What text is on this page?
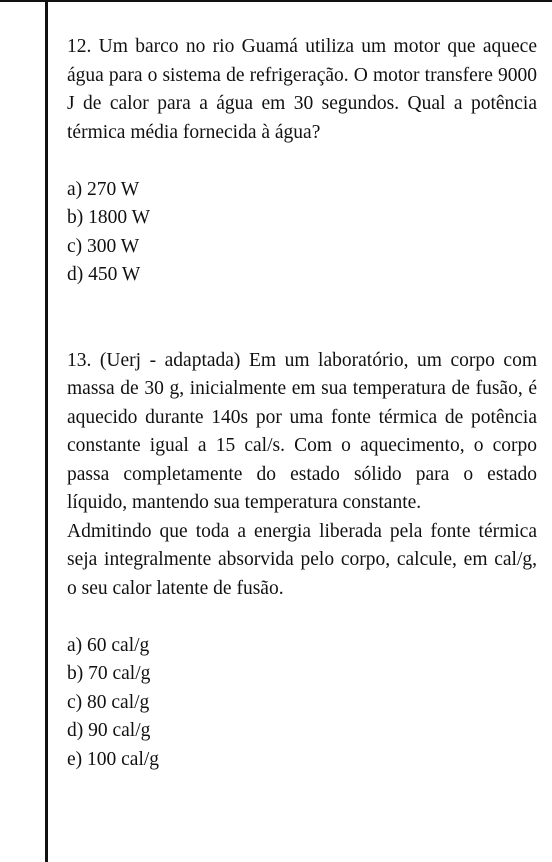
12. Um barco no rio Guamá utiliza um motor que aquece água para o sistema de refrigeração. O motor transfere 9000 J de calor para a água em 30 segundos. Qual a potência térmica média fornecida à água?

a) 270 W
b) 1800 W
c) 300 W
d) 450 W

13. (Uerj - adaptada) Em um laboratório, um corpo com massa de 30 g, inicialmente em sua temperatura de fusão, é aquecido durante 140s por uma fonte térmica de potência constante igual a 15 cal/s. Com o aquecimento, o corpo passa completamente do estado sólido para o estado líquido, mantendo sua temperatura constante.

Admitindo que toda a energia liberada pela fonte térmica seja integralmente absorvida pelo corpo, calcule, em cal/g, o seu calor latente de fusão.

a) 60 cal/g
b) 70 cal/g
c) 80 cal/g
d) 90 cal/g
e) 100 cal/g
